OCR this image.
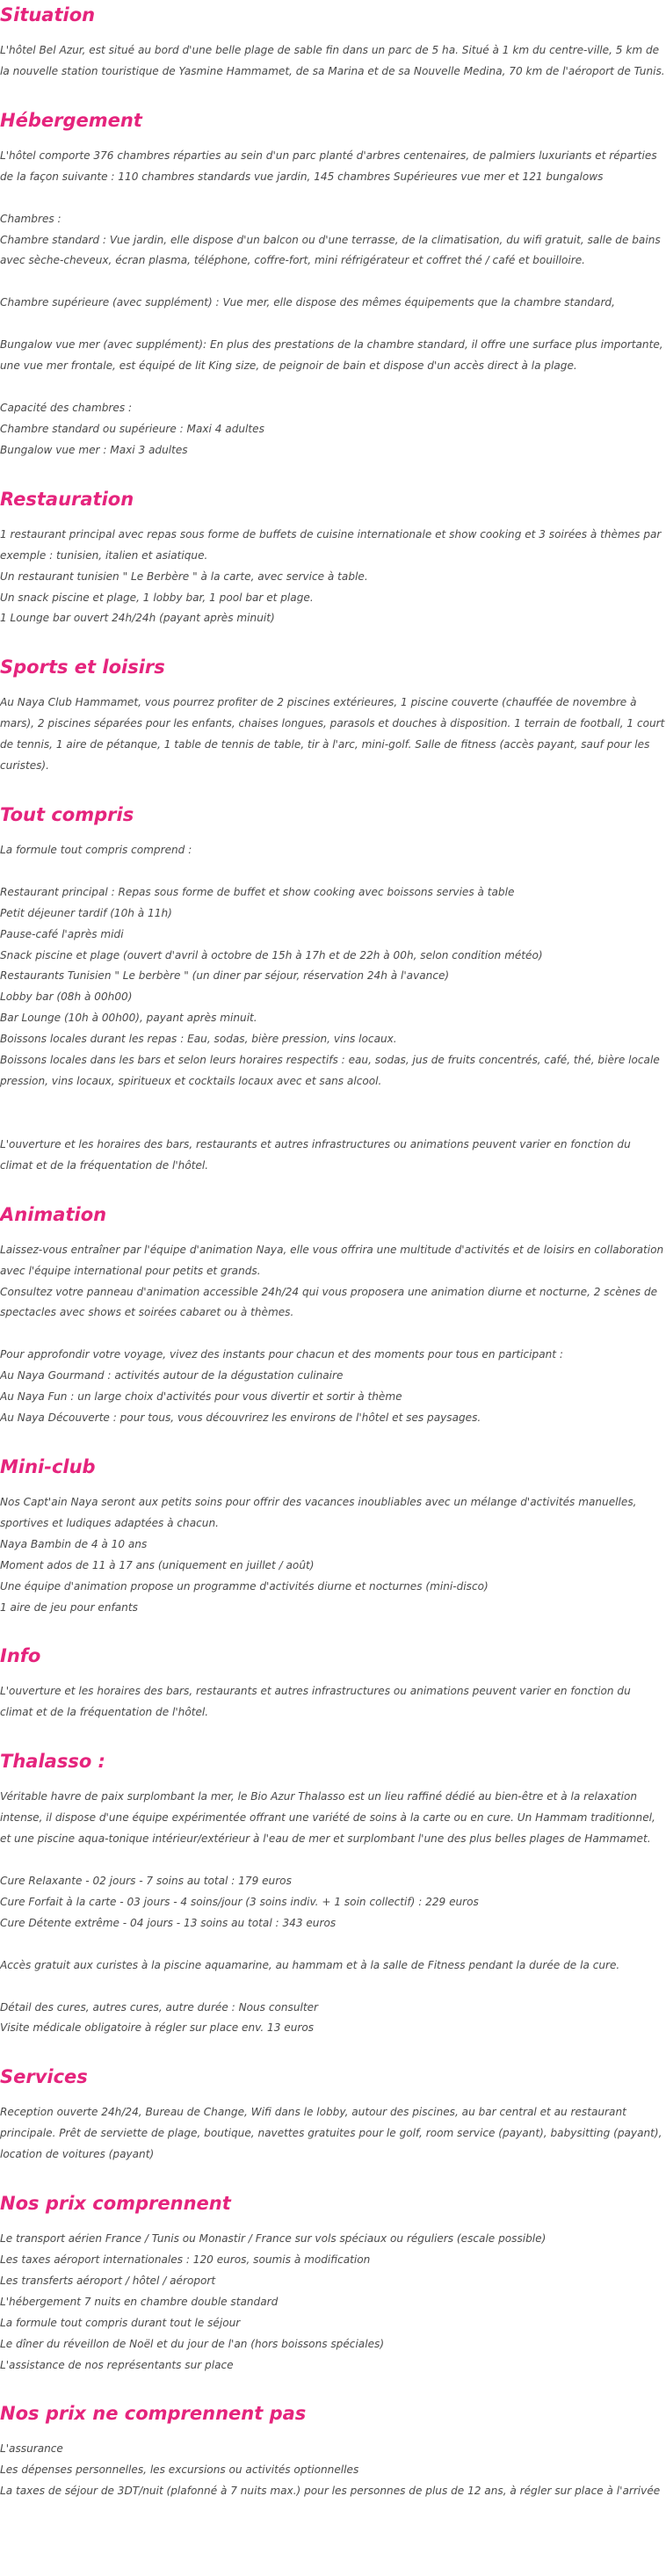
Situation
L'hôtel Bel Azur, est situé au bord d'une belle plage de sable fin dans un parc de 5 ha. Situé à 1 km du centre-ville, 5 km de la nouvelle station touristique de Yasmine Hammamet, de sa Marina et de sa Nouvelle Medina, 70 km de l'aéroport de Tunis.
Hébergement
L'hôtel comporte 376 chambres réparties au sein d'un parc planté d'arbres centenaires, de palmiers luxuriants et réparties de la façon suivante : 110 chambres standards vue jardin, 145 chambres Supérieures vue mer et 121 bungalows
Chambres :
Chambre standard : Vue jardin, elle dispose d'un balcon ou d'une terrasse, de la climatisation, du wifi gratuit, salle de bains avec sèche-cheveux, écran plasma, téléphone, coffre-fort, mini réfrigérateur et coffret thé / café et bouilloire.
Chambre supérieure (avec supplément) : Vue mer, elle dispose des mêmes équipements que la chambre standard,
Bungalow vue mer (avec supplément): En plus des prestations de la chambre standard, il offre une surface plus importante, une vue mer frontale, est équipé de lit King size, de peignoir de bain et dispose d'un accès direct à la plage.
Capacité des chambres :
Chambre standard ou supérieure : Maxi 4 adultes
Bungalow vue mer : Maxi 3 adultes
Restauration
1 restaurant principal avec repas sous forme de buffets de cuisine internationale et show cooking et 3 soirées à thèmes par exemple : tunisien, italien et asiatique.
Un restaurant tunisien " Le Berbère " à la carte, avec service à table.
Un snack piscine et plage, 1 lobby bar, 1 pool bar et plage.
1 Lounge bar ouvert 24h/24h (payant après minuit)
Sports et loisirs
Au Naya Club Hammamet, vous pourrez profiter de 2 piscines extérieures, 1 piscine couverte (chauffée de novembre à mars), 2 piscines séparées pour les enfants, chaises longues, parasols et douches à disposition. 1 terrain de football, 1 court de tennis, 1 aire de pétanque, 1 table de tennis de table, tir à l'arc, mini-golf. Salle de fitness (accès payant, sauf pour les curistes).
Tout compris
La formule tout compris comprend :
Restaurant principal : Repas sous forme de buffet et show cooking avec boissons servies à table
Petit déjeuner tardif (10h à 11h)
Pause-café l'après midi
Snack piscine et plage (ouvert d'avril à octobre de 15h à 17h et de 22h à 00h, selon condition météo)
Restaurants Tunisien " Le berbère " (un diner par séjour, réservation 24h à l'avance)
Lobby bar (08h à 00h00)
Bar Lounge (10h à 00h00), payant après minuit.
Boissons locales durant les repas : Eau, sodas, bière pression, vins locaux.
Boissons locales dans les bars et selon leurs horaires respectifs : eau, sodas, jus de fruits concentrés, café, thé, bière locale pression, vins locaux, spiritueux et cocktails locaux avec et sans alcool.
L'ouverture et les horaires des bars, restaurants et autres infrastructures ou animations peuvent varier en fonction du climat et de la fréquentation de l'hôtel.
Animation
Laissez-vous entraîner par l'équipe d'animation Naya, elle vous offrira une multitude d'activités et de loisirs en collaboration avec l'équipe international pour petits et grands.
Consultez votre panneau d'animation accessible 24h/24 qui vous proposera une animation diurne et nocturne, 2 scènes de spectacles avec shows et soirées cabaret ou à thèmes.
Pour approfondir votre voyage, vivez des instants pour chacun et des moments pour tous en participant :
Au Naya Gourmand : activités autour de la dégustation culinaire
Au Naya Fun : un large choix d'activités pour vous divertir et sortir à thème
Au Naya Découverte : pour tous, vous découvrirez les environs de l'hôtel et ses paysages.
Mini-club
Nos Capt'ain Naya seront aux petits soins pour offrir des vacances inoubliables avec un mélange d'activités manuelles, sportives et ludiques adaptées à chacun.
Naya Bambin de 4 à 10 ans
Moment ados de 11 à 17 ans (uniquement en juillet / août)
Une équipe d'animation propose un programme d'activités diurne et nocturnes (mini-disco)
1 aire de jeu pour enfants
Info
L'ouverture et les horaires des bars, restaurants et autres infrastructures ou animations peuvent varier en fonction du climat et de la fréquentation de l'hôtel.
Thalasso :
Véritable havre de paix surplombant la mer, le Bio Azur Thalasso est un lieu raffiné dédié au bien-être et à la relaxation intense, il dispose d'une équipe expérimentée offrant une variété de soins à la carte ou en cure. Un Hammam traditionnel, et une piscine aqua-tonique intérieur/extérieur à l'eau de mer et surplombant l'une des plus belles plages de Hammamet.
Cure Relaxante - 02 jours - 7 soins au total : 179 euros
Cure Forfait à la carte - 03 jours - 4 soins/jour (3 soins indiv. + 1 soin collectif) : 229 euros
Cure Détente extrême - 04 jours - 13 soins au total : 343 euros
Accès gratuit aux curistes à la piscine aquamarine, au hammam et à la salle de Fitness pendant la durée de la cure.
Détail des cures, autres cures, autre durée : Nous consulter
Visite médicale obligatoire à régler sur place env. 13 euros
Services
Reception ouverte 24h/24, Bureau de Change, Wifi dans le lobby, autour des piscines, au bar central et au restaurant principale. Prêt de serviette de plage, boutique, navettes gratuites pour le golf, room service (payant), babysitting (payant), location de voitures (payant)
Nos prix comprennent
Le transport aérien France / Tunis ou Monastir / France sur vols spéciaux ou réguliers (escale possible)
Les taxes aéroport internationales : 120 euros, soumis à modification
Les transferts aéroport / hôtel / aéroport
L'hébergement 7 nuits en chambre double standard
La formule tout compris durant tout le séjour
Le dîner du réveillon de Noël et du jour de l'an (hors boissons spéciales)
L'assistance de nos représentants sur place
Nos prix ne comprennent pas
L'assurance
Les dépenses personnelles, les excursions ou activités optionnelles
La taxes de séjour de 3DT/nuit (plafonné à 7 nuits max.) pour les personnes de plus de 12 ans, à régler sur place à l'arrivée
